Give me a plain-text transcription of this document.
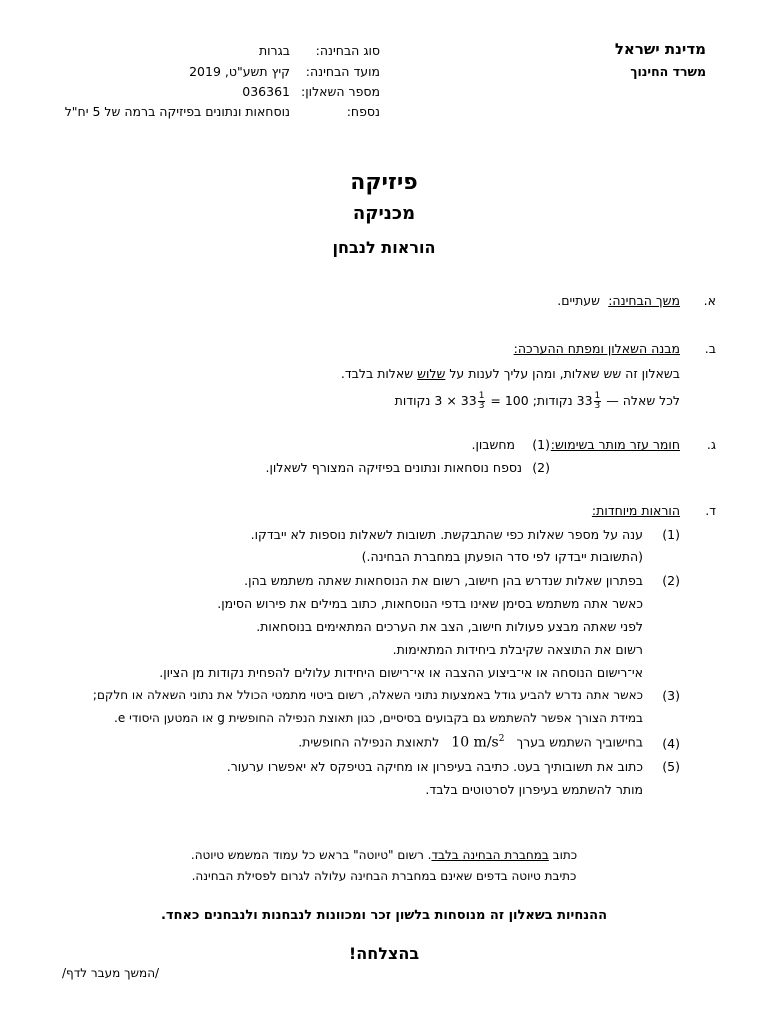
מדינת ישראל
משרד החינוך
סוג הבחינה:
בגרות
מועד הבחינה:
קיץ תשע"ט, 2019
מספר השאלון:
036361
נספח:
נוסחאות ונתונים בפיזיקה ברמה של 5 יח"ל
פיזיקה
מכניקה
הוראות לנבחן
א.
משך הבחינה:
שעתיים.
ב.
מבנה השאלון ומפתח ההערכה:
בשאלון זה שש שאלות, ומהן עליך לענות על שלוש שאלות בלבד.
לכל שאלה — $33 \frac{1}{3}$
נקודות; $3 \times 33 \frac{1}{3} = 100$ נקודות
ג.
חומר עזר מותר בשימוש:
(1)
מחשבון.
(2)
נספח נוסחאות ונתונים בפיזיקה המצורף לשאלון.
ד.
הוראות מיוחדות:
(1)
ענה על מספר שאלות כפי שהתבקשת. תשובות לשאלות נוספות לא ייבדקו.
(התשובות ייבדקו לפי סדר הופעתן במחברת הבחינה.)
(2)
בפתרון שאלות שנדרש בהן חישוב, רשום את הנוסחאות שאתה משתמש בהן.
כאשר אתה משתמש בסימן שאינו בדפי הנוסחאות, כתוב במילים את פירוש הסימן.
לפני שאתה מבצע פעולות חישוב, הצב את הערכים המתאימים בנוסחאות.
רשום את התוצאה שקיבלת ביחידות המתאימות.
אי־רישום הנוסחה או אי־ביצוע ההצבה או אי־רישום היחידות עלולים להפחית נקודות מן הציון.
(3)
כאשר אתה נדרש להביע גודל באמצעות נתוני השאלה, רשום ביטוי מתמטי הכולל את נתוני השאלה או חלקם;
במידת הצורך אפשר להשתמש גם בקבועים בסיסיים, כגון תאוצת הנפילה החופשית g או המטען היסודי e.
(4)
בחישוביך השתמש בערך 10 $m/s^2$ לתאוצת הנפילה החופשית.
(5)
כתוב את תשובותיך בעט. כתיבה בעיפרון או מחיקה בטיפקס לא יאפשרו ערעור.
מותר להשתמש בעיפרון לסרטוטים בלבד.
כתוב במחברת הבחינה בלבד. רשום "טיוטה" בראש כל עמוד המשמש טיוטה.
כתיבת טיוטה בדפים שאינם במחברת הבחינה עלולה לגרום לפסילת הבחינה.
ההנחיות בשאלון זה מנוסחות בלשון זכר ומכוונות לנבחנות ולנבחנים כאחד.
בהצלחה!
/המשך מעבר לדף/
